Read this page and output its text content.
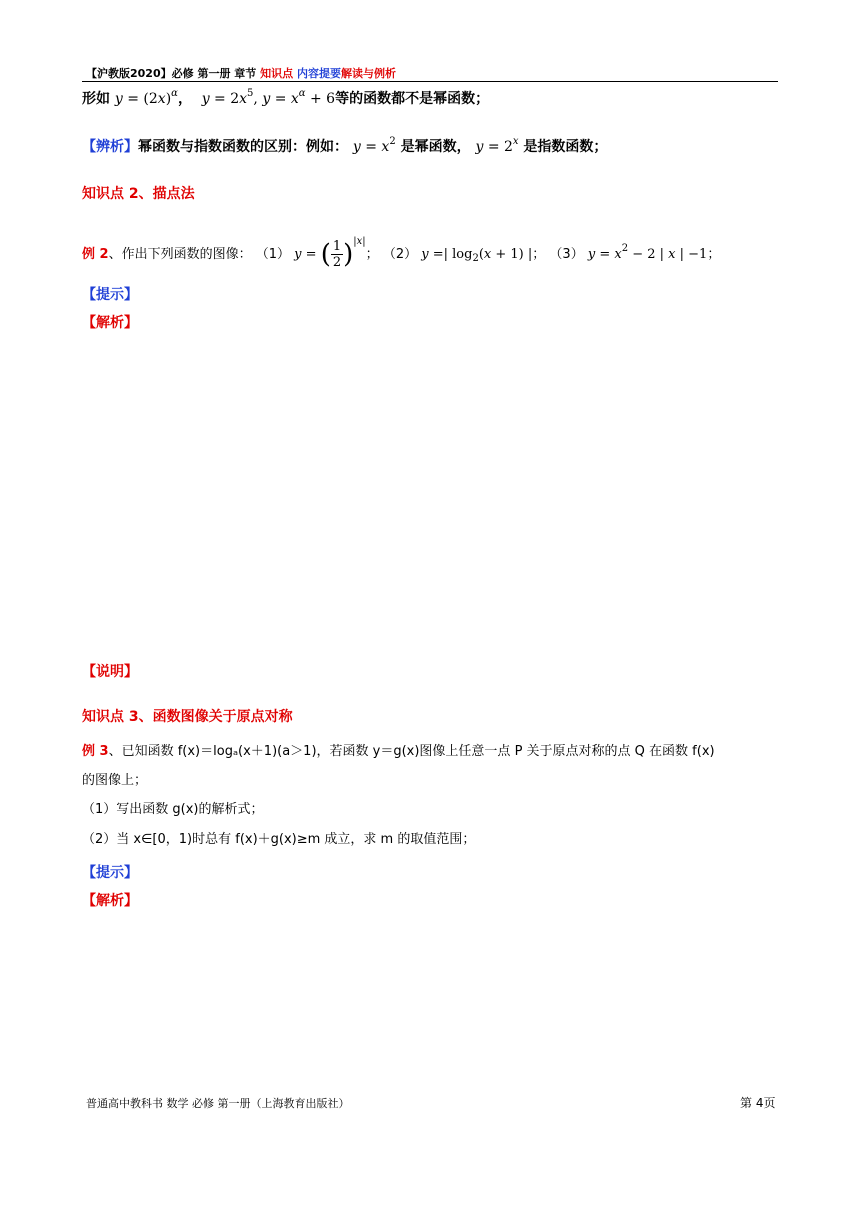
【沪教版2020】必修 第一册 章节 知识点 内容提要解读与例析
形如 $y = (2x)^\alpha$， $y = 2x^5$, $y = x^\alpha + 6$等的函数都不是幂函数；
【辨析】幂函数与指数函数的区别：例如： $y = x^2$ 是幂函数， $y = 2^x$ 是指数函数；
知识点 2、描点法
例 2、作出下列函数的图像： （1） y = ( $\frac{1}{2} )^{|x|}$； （2） y =| $\log_2(x + 1)$ |； （3） $y = x^2 - 2$ | x | −1；
【提示】
【解析】
【说明】
知识点 3、函数图像关于原点对称
例 3、已知函数 f(x)＝logₐ(x＋1)(a＞1)，若函数 y＝g(x)图像上任意一点 P 关于原点对称的点 Q 在函数 f(x)
的图像上；
（1）写出函数 g(x)的解析式；
（2）当 x∈[0，1)时总有 f(x)＋g(x)≥m 成立，求 m 的取值范围；
【提示】
【解析】
普通高中教科书 数学 必修 第一册（上海教育出版社）	第 4页
